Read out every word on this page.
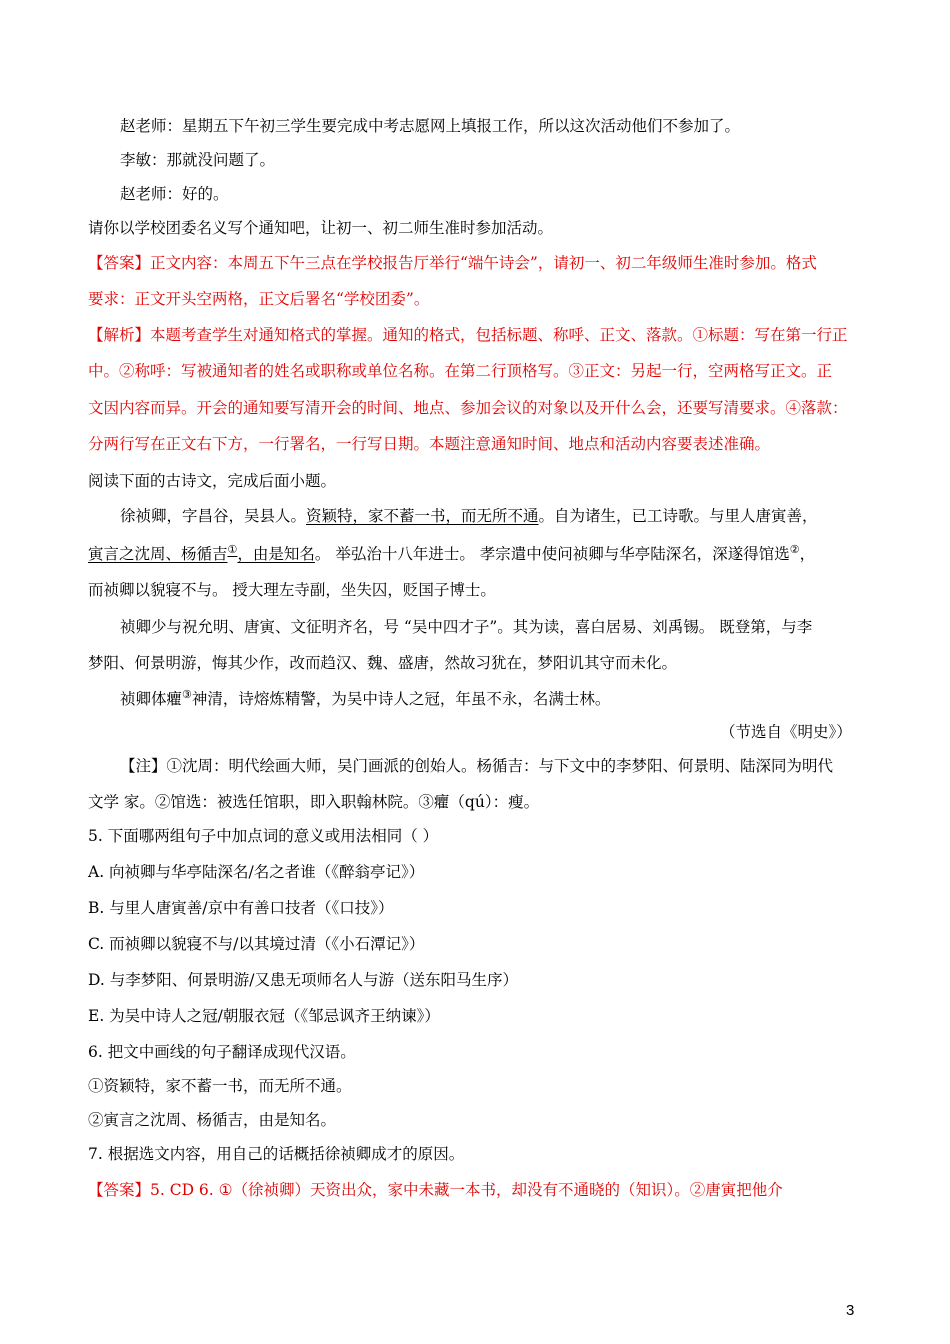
赵老师：星期五下午初三学生要完成中考志愿网上填报工作，所以这次活动他们不参加了。
李敏：那就没问题了。
赵老师：好的。
请你以学校团委名义写个通知吧，让初一、初二师生准时参加活动。
【答案】正文内容：本周五下午三点在学校报告厅举行“端午诗会”，请初一、初二年级师生准时参加。格式
要求：正文开头空两格，正文后署名“学校团委”。
【解析】本题考查学生对通知格式的掌握。通知的格式，包括标题、称呼、正文、落款。①标题：写在第一行正
中。②称呼：写被通知者的姓名或职称或单位名称。在第二行顶格写。③正文：另起一行，空两格写正文。正
文因内容而异。开会的通知要写清开会的时间、地点、参加会议的对象以及开什么会，还要写清要求。④落款：
分两行写在正文右下方，一行署名，一行写日期。本题注意通知时间、地点和活动内容要表述准确。
阅读下面的古诗文，完成后面小题。
徐祯卿，字昌谷，吴县人。资颖特，家不蓄一书，而无所不通。自为诸生，已工诗歌。与里人唐寅善，
寅言之沈周、杨循吉①，由是知名。 举弘治十八年进士。 孝宗遣中使问祯卿与华亭陆深名，深遂得馆选②，
而祯卿以貌寝不与。 授大理左寺副，坐失囚，贬国子博士。
祯卿少与祝允明、唐寅、文征明齐名，号 “吴中四才子”。其为读，喜白居易、刘禹锡。 既登第，与李
梦阳、何景明游，悔其少作，改而趋汉、魏、盛唐，然故习犹在，梦阳讥其守而未化。
祯卿体癯③神清，诗熔炼精警，为吴中诗人之冠，年虽不永，名满士林。
（节选自《明史》）
【注】①沈周：明代绘画大师，吴门画派的创始人。杨循吉：与下文中的李梦阳、何景明、陆深同为明代
文学 家。②馆选：被选任馆职，即入职翰林院。③癯（qú）：瘦。
5. 下面哪两组句子中加点词的意义或用法相同（ ）
A. 向祯卿与华亭陆深名/名之者谁（《醉翁亭记》）
B. 与里人唐寅善/京中有善口技者（《口技》）
C. 而祯卿以貌寝不与/以其境过清（《小石潭记》）
D. 与李梦阳、何景明游/又患无项师名人与游（送东阳马生序）
E. 为吴中诗人之冠/朝服衣冠（《邹忌讽齐王纳谏》）
6. 把文中画线的句子翻译成现代汉语。
①资颖特，家不蓄一书，而无所不通。
②寅言之沈周、杨循吉，由是知名。
7. 根据选文内容，用自己的话概括徐祯卿成才的原因。
【答案】5. CD 6. ①（徐祯卿）天资出众，家中未藏一本书，却没有不通晓的（知识）。②唐寅把他介
3
